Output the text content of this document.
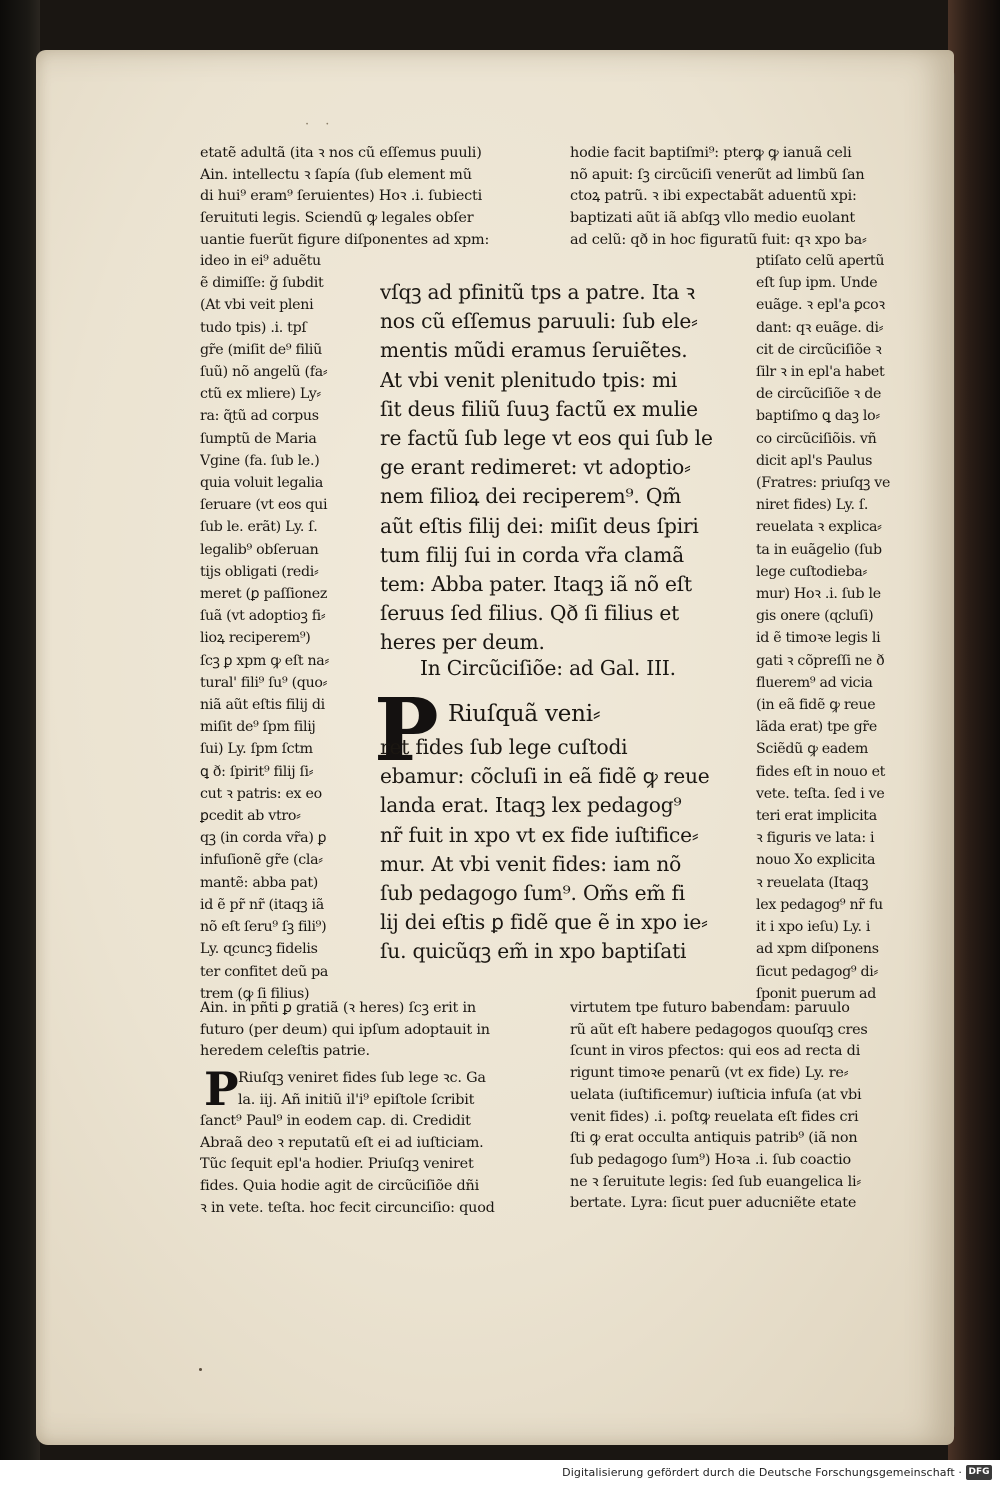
· ·
etatẽ adultã (ita ꝛ nos cũ eſſemus puuli)
Ain. intellectu ꝛ ſapía (ſub element mũ
di hui⁹ eram⁹ ſeruientes) Hoꝛ .i. ſubiecti
ſeruituti legis. Sciendũ ꝙ legales obſer
uantie fuerũt figure diſponentes ad xpm:
hodie facit baptiſmi⁹: pterꝙ ꝙ ianuã celi
nõ apuit: ſꝫ circũciſi venerũt ad limbũ ſan
ctoꝝ patrũ. ꝛ ibi expectabãt aduentũ xpi:
baptizati aũt iã abſqꝫ vllo medio euolant
ad celũ: qð in hoc figuratũ fuit: qꝛ xpo ba⸗
ideo in ei⁹ aduẽtu
ẽ dimiſſe: ğ ſubdit
(At vbi veit pleni
tudo tpis) .i. tpſ
gr̃e (miſit de⁹ filiũ
ſuũ) nõ angelũ (fa⸗
ctũ ex mliere) Ly⸗
ra: ɋ̃tũ ad corpus
ſumptũ de Maria
Vgine (fa. ſub le.)
quia voluit legalia
ſeruare (vt eos qui
ſub le. erãt) Ly. ſ.
legalib⁹ obſeruan
tijs obligati (redi⸗
meret (ꝑ paſſionez
ſuã (vt adoptioꝫ fi⸗
lioꝝ reciperem⁹)
ſcꝫ ꝑ xpm ꝙ eſt na⸗
tural' fili⁹ ſu⁹ (quo⸗
niã aũt eſtis filij di
miſit de⁹ ſpm filij
ſui) Ly. ſpm ſctm
ꝗ ð: ſpirit⁹ filij ſi⸗
cut ꝛ patris: ex eo
ꝑcedit ab vtro⸗
qꝫ (in corda vr̃a) ꝑ
infuſionẽ gr̃e (cla⸗
mantẽ: abba pat)
id ẽ pr̃ nr̃ (itaqꝫ iã
nõ eſt ſeru⁹ ſꝫ fili⁹)
Ly. ɋcuncꝫ fidelis
ter confitet deũ pa
trem (ꝙ ſi filius)
vſqꝫ ad pfinitũ tps a patre. Ita ꝛ
nos cũ eſſemus paruuli: ſub ele⸗
mentis mũdi eramus ſeruiẽtes.
At vbi venit plenitudo tpis: mi
ſit deus filiũ ſuuꝫ factũ ex mulie
re factũ ſub lege vt eos qui ſub le
ge erant redimeret: vt adoptio⸗
nem filioꝝ dei reciperem⁹. Qm̃
aũt eſtis filij dei: miſit deus ſpiri
tum filij ſui in corda vr̃a clamã
tem: Abba pater. Itaqꝫ iã nõ eſt
ſeruus ſed filius. Qð ſi filius et
heres per deum.
In Circũciſiõe: ad Gal. III.
P Riuſquã veni⸗
ret fides ſub lege cuſtodi
ebamur: cõcluſi in eã fidẽ ꝙ reue
landa erat. Itaqꝫ lex pedagog⁹
nr̃ fuit in xpo vt ex fide iuſtifice⸗
mur. At vbi venit fides: iam nõ
ſub pedagogo ſum⁹. Om̃s em̃ fi
lij dei eſtis ꝑ fidẽ que ẽ in xpo ie⸗
ſu. quicũqꝫ em̃ in xpo baptiſati
ptiſato celũ apertũ
eſt ſup ipm. Unde
euãge. ꝛ epl'a ꝑcoꝛ
dant: qꝛ euãge. di⸗
cit de circũciſiõe ꝛ
ſilr ꝛ in epl'a habet
de circũciſiõe ꝛ de
baptiſmo ꝗ daꝫ lo⸗
co circũciſiõis. vñ
dicit apl's Paulus
(Fratres: priuſqꝫ ve
niret fides) Ly. ſ.
reuelata ꝛ explica⸗
ta in euãgelio (ſub
lege cuſtodieba⸗
mur) Hoꝛ .i. ſub le
gis onere (ɋcluſi)
id ẽ timoꝛe legis li
gati ꝛ cõpreſſi ne ð
fluerem⁹ ad vicia
(in eã fidẽ ꝙ reue
lãda erat) tpe gr̃e
Sciẽdũ ꝙ eadem
fides eſt in nouo et
vete. teſta. ſed i ve
teri erat implicita
ꝛ figuris ve lata: i
nouo Xo explicita
ꝛ reuelata (Itaqꝫ
lex pedagog⁹ nr̃ fu
it i xpo ieſu) Ly. i
ad xpm diſponens
ſicut pedagog⁹ di⸗
ſponit puerum ad
Ain. in pñti ꝑ gratiã (ꝛ heres) ſcꝫ erit in
futuro (per deum) qui ipſum adoptauit in
heredem celeſtis patrie.
P Riuſqꝫ veniret fides ſub lege ꝛc. Ga
la. iij. Añ initiũ il'i⁹ epiſtole ſcribit
ſanct⁹ Paul⁹ in eodem cap. di. Credidit
Abraã deo ꝛ reputatũ eſt ei ad iuſticiam.
Tũc ſequit epl'a hodier. Priuſqꝫ veniret
fides. Quia hodie agit de circũciſiõe dñi
ꝛ in vete. teſta. hoc fecit circunciſio: quod
virtutem tpe futuro babendam: paruulo
rũ aũt eſt habere pedagogos quouſqꝫ cres
ſcunt in viros pfectos: qui eos ad recta di
rigunt timoꝛe penarũ (vt ex fide) Ly. re⸗
uelata (iuſtificemur) iuſticia infuſa (at vbi
venit fides) .i. poſtꝙ reuelata eſt fides cri
ſti ꝙ erat occulta antiquis patrib⁹ (iã non
ſub pedagogo ſum⁹) Hoꝛa .i. ſub coactio
ne ꝛ ſeruitute legis: ſed ſub euangelica li⸗
bertate. Lyra: ſicut puer aducniẽte etate
Digitalisierung gefördert durch die Deutsche Forschungsgemeinschaft · DFG
